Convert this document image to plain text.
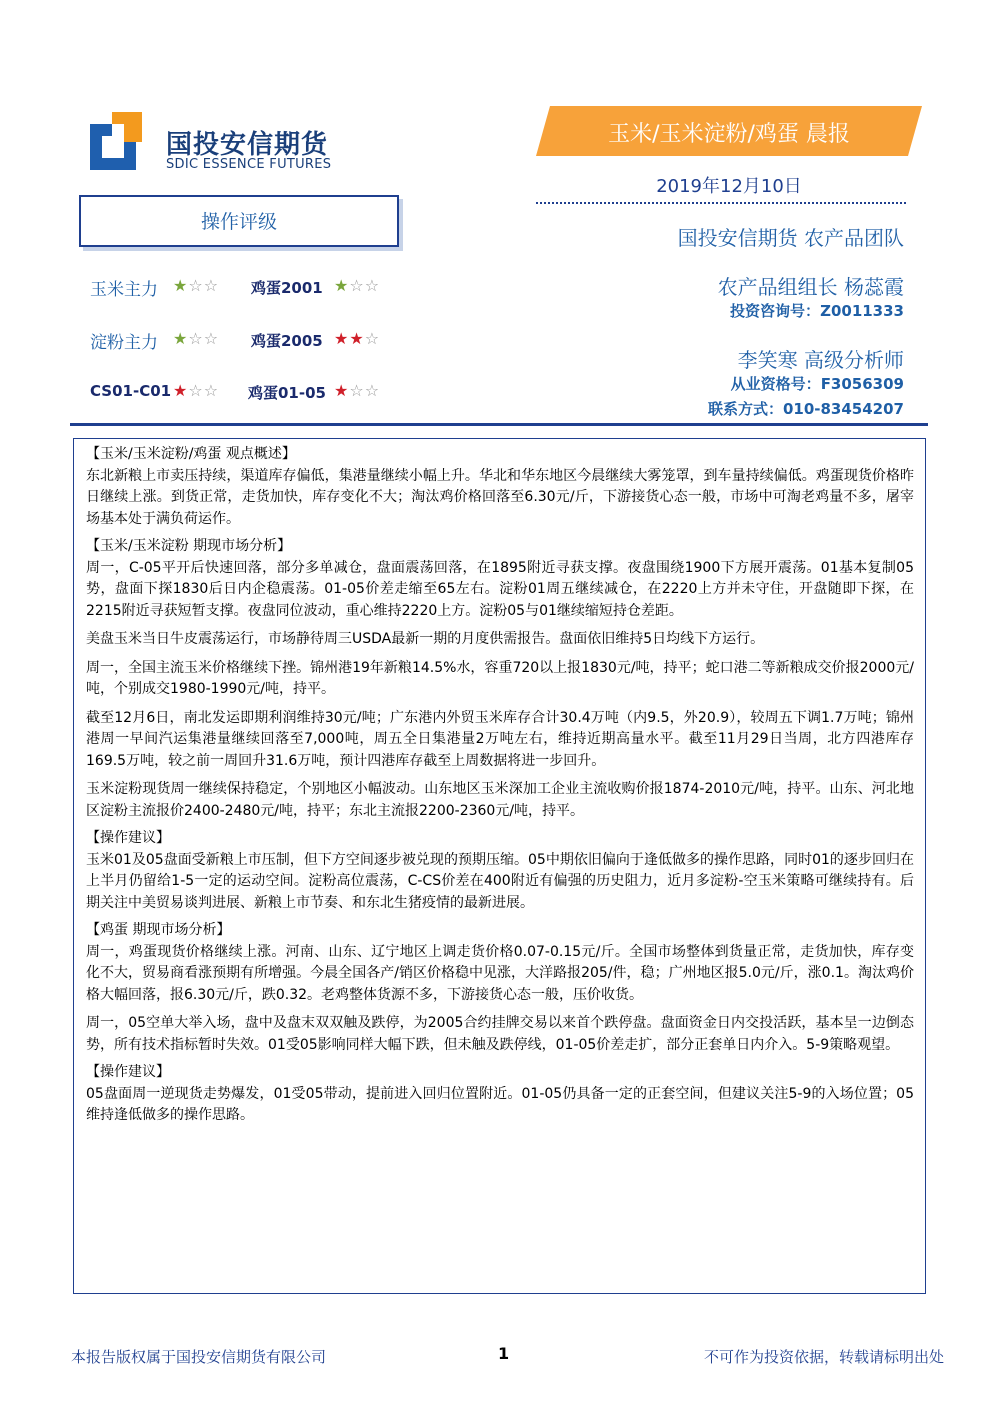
国投安信期货
SDIC ESSENCE FUTURES
玉米/玉米淀粉/鸡蛋 晨报
2019年12月10日
国投安信期货 农产品团队
农产品组组长 杨蕊霞
投资咨询号：Z0011333
李笑寒 高级分析师
从业资格号：F3056309
联系方式：010-83454207
操作评级
玉米主力 ★☆☆ 鸡蛋2001 ★☆☆
淀粉主力 ★☆☆ 鸡蛋2005 ★★☆
CS01-C01 ★☆☆ 鸡蛋01-05 ★☆☆
【玉米/玉米淀粉/鸡蛋 观点概述】

东北新粮上市卖压持续，渠道库存偏低，集港量继续小幅上升。华北和华东地区今晨继续大雾笼罩，到车量持续偏低。鸡蛋现货价格昨日继续上涨。到货正常，走货加快，库存变化不大；淘汰鸡价格回落至6.30元/斤，下游接货心态一般，市场中可淘老鸡量不多，屠宰场基本处于满负荷运作。

【玉米/玉米淀粉 期现市场分析】

周一，C-05平开后快速回落，部分多单减仓，盘面震荡回落，在1895附近寻获支撑。夜盘围绕1900下方展开震荡。01基本复制05势，盘面下探1830后日内企稳震荡。01-05价差走缩至65左右。淀粉01周五继续减仓，在2220上方并未守住，开盘随即下探，在2215附近寻获短暂支撑。夜盘同位波动，重心维持2220上方。淀粉05与01继续缩短持仓差距。

美盘玉米当日牛皮震荡运行，市场静待周三USDA最新一期的月度供需报告。盘面依旧维持5日均线下方运行。

周一，全国主流玉米价格继续下挫。锦州港19年新粮14.5%水，容重720以上报1830元/吨，持平；蛇口港二等新粮成交价报2000元/吨，个别成交1980-1990元/吨，持平。

截至12月6日，南北发运即期利润维持30元/吨；广东港内外贸玉米库存合计30.4万吨（内9.5，外20.9），较周五下调1.7万吨；锦州港周一早间汽运集港量继续回落至7,000吨，周五全日集港量2万吨左右，维持近期高量水平。截至11月29日当周，北方四港库存169.5万吨，较之前一周回升31.6万吨，预计四港库存截至上周数据将进一步回升。

玉米淀粉现货周一继续保持稳定，个别地区小幅波动。山东地区玉米深加工企业主流收购价报1874-2010元/吨，持平。山东、河北地区淀粉主流报价2400-2480元/吨，持平；东北主流报2200-2360元/吨，持平。

【操作建议】

玉米01及05盘面受新粮上市压制，但下方空间逐步被兑现的预期压缩。05中期依旧偏向于逢低做多的操作思路，同时01的逐步回归在上半月仍留给1-5一定的运动空间。淀粉高位震荡，C-CS价差在400附近有偏强的历史阻力，近月多淀粉-空玉米策略可继续持有。后期关注中美贸易谈判进展、新粮上市节奏、和东北生猪疫情的最新进展。

【鸡蛋 期现市场分析】

周一，鸡蛋现货价格继续上涨。河南、山东、辽宁地区上调走货价格0.07-0.15元/斤。全国市场整体到货量正常，走货加快，库存变化不大，贸易商看涨预期有所增强。今晨全国各产/销区价格稳中见涨，大洋路报205/件，稳；广州地区报5.0元/斤，涨0.1。淘汰鸡价格大幅回落，报6.30元/斤，跌0.32。老鸡整体货源不多，下游接货心态一般，压价收货。

周一，05空单大举入场，盘中及盘末双双触及跌停，为2005合约挂牌交易以来首个跌停盘。盘面资金日内交投活跃，基本呈一边倒态势，所有技术指标暂时失效。01受05影响同样大幅下跌，但未触及跌停线，01-05价差走扩，部分正套单日内介入。5-9策略观望。

【操作建议】

05盘面周一逆现货走势爆发，01受05带动，提前进入回归位置附近。01-05仍具备一定的正套空间，但建议关注5-9的入场位置；05维持逢低做多的操作思路。

本报告版权属于国投安信期货有限公司	1	不可作为投资依据，转载请标明出处
